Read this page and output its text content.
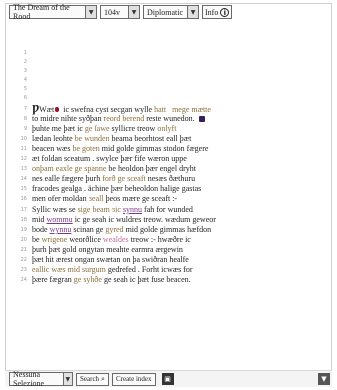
The Dream of the Rood	▼	104v	▼	Diplomatic	▼	Info i
1
2
3
4
5
6
7 ǷWæt ic swefna cyst secgan wylle hatt mege mætte
8 to midre nihte syðþan reord berend reste wunedon.
9 þuhte me þæt ic ge ſawe syllicre treow onlyft
10 lædan leohte be wunden beama beorhtost eall þæt
11 beacen wæs be goten mid golde gimmas stodon fægere
12 æt foldan sceatum . swylce þær fife wæron uppe
13 onþam eaxle ge spanne be heoldon þær engel dryht
14 nes ealle fægere þurh forð ge sceaft nesæs ðæthuru
15 fracodes gealga . ächine þær beheoldon halige gastas
16 men ofer moldan ɜeall þeos mære ge sceaft :-
17 Syllic wæs se sige beam ɜic synnu fah for wunded
18 mid wommu ic ge seah ic wuldres treow. wædum geweor
19 bode wynnu scinan ge gyred mid golde gimmas hæfdon
20 be wrigene weorðlice wealdes treow :- hwæðre ic
21 þurh þæt gold ongytan meahte earmra ærgewin
22 þæt hit ærest ongan swætan on þa swiðran healfe
23 eallic wæs mid surgum gedrefed . Forht icwæs for
24 þære fægran ge syhðe ge seah ic þæt fuse beacen.
Nessuna Selezione	▼ Search ⌕ Create index	▣	▼
